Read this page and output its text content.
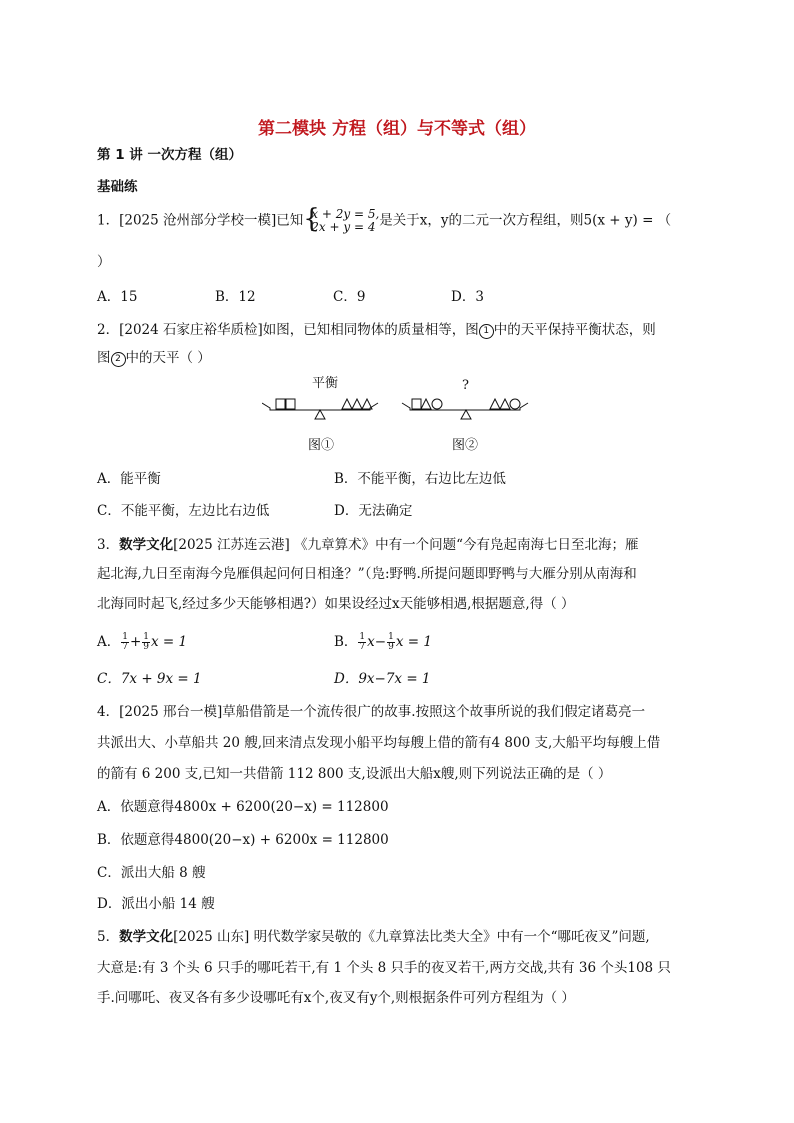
第二模块 方程（组）与不等式（组）
第 1 讲 一次方程（组）
基础练
1．[2025 沧州部分学校一模]已知 {
x + 2y = 5,
2x + y = 4 是关于x，y的二元一次方程组，则5(x + y) = （
）
A．15	B．12	C．9	D．3
2．[2024 石家庄裕华质检]如图，已知相同物体的质量相等，图 1 中的天平保持平衡状态，则
图 2 中的天平（ ）
平衡
图①
?
图②
A．能平衡	B．不能平衡，右边比左边低
C．不能平衡，左边比右边低	D．无法确定
3．数学文化[2025 江苏连云港] 《九章算术》中有一个问题“今有凫起南海七日至北海；雁
起北海,九日至南海今凫雁俱起问何日相逢？”（凫:野鸭.所提问题即野鸭与大雁分别从南海和
北海同时起飞,经过多少天能够相遇?）如果设经过x天能够相遇,根据题意,得（ ）
A． $\frac{1}{7} + \frac{1}{9}$ x = 1	B． $\frac{1}{7} x- \frac{1}{9}$ x = 1
C．7x + 9x = 1	D．9x−7x = 1
4．[2025 邢台一模]草船借箭是一个流传很广的故事.按照这个故事所说的我们假定诸葛亮一
共派出大、小草船共 20 艘,回来清点发现小船平均每艘上借的箭有4 800 支,大船平均每艘上借
的箭有 6 200 支,已知一共借箭 112 800 支,设派出大船x艘,则下列说法正确的是（ ）
A．依题意得4800x + 6200(20−x) = 112800
B．依题意得4800(20−x) + 6200x = 112800
C．派出大船 8 艘
D．派出小船 14 艘
5．数学文化[2025 山东] 明代数学家吴敬的《九章算法比类大全》中有一个“哪吒夜叉”问题,
大意是:有 3 个头 6 只手的哪吒若干,有 1 个头 8 只手的夜叉若干,两方交战,共有 36 个头108 只
手.问哪吒、夜叉各有多少设哪吒有x个,夜叉有y个,则根据条件可列方程组为（ ）
